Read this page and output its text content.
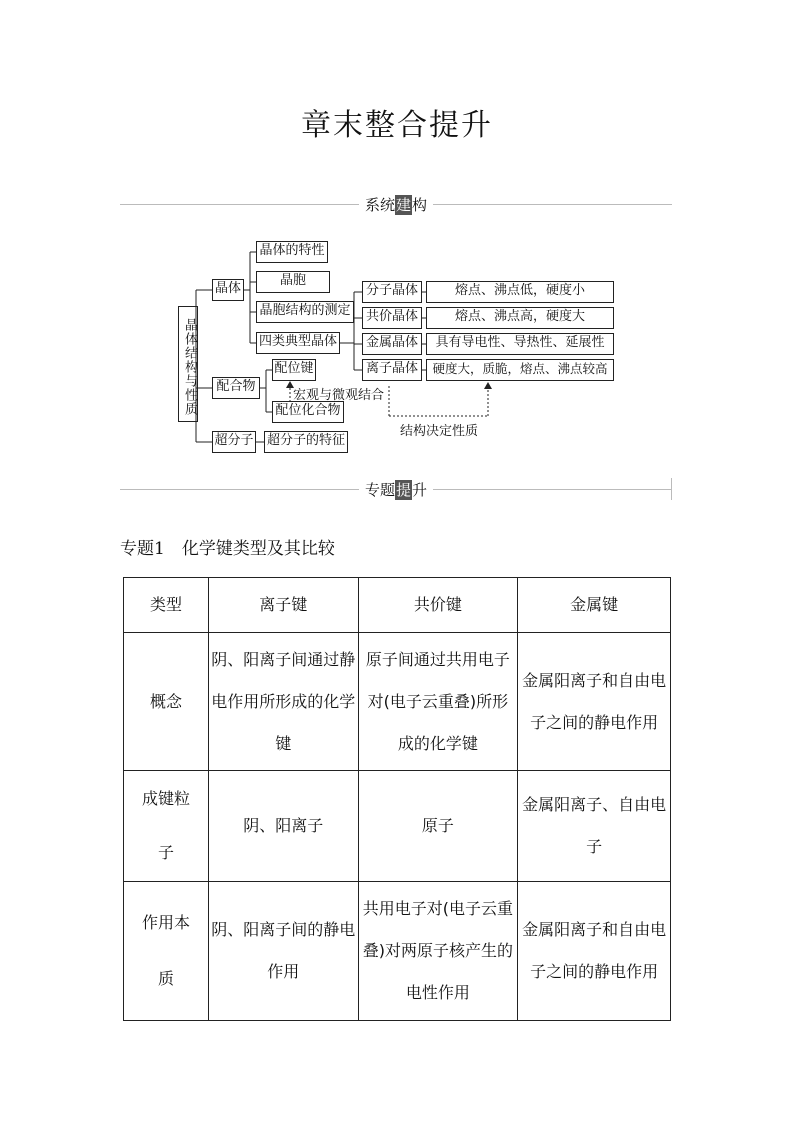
章末整合提升
系统建构
晶体结构与性质
晶体
配合物
超分子
晶体的特性
晶胞
晶胞结构的测定
四类典型晶体
分子晶体
共价晶体
金属晶体
离子晶体
熔点、沸点低，硬度小
熔点、沸点高，硬度大
具有导电性、导热性、延展性
硬度大，质脆，熔点、沸点较高
配位键
配位化合物
宏观与微观结合
结构决定性质
超分子的特征
专题提升
专题1　化学键类型及其比较
类型	离子键	共价键	金属键
概念	阴、阳离子间通过静电作用所形成的化学键	原子间通过共用电子对(电子云重叠)所形成的化学键	金属阳离子和自由电子之间的静电作用
成键粒子	阴、阳离子	原子	金属阳离子、自由电子
作用本质	阴、阳离子间的静电作用	共用电子对(电子云重叠)对两原子核产生的电性作用	金属阳离子和自由电子之间的静电作用
